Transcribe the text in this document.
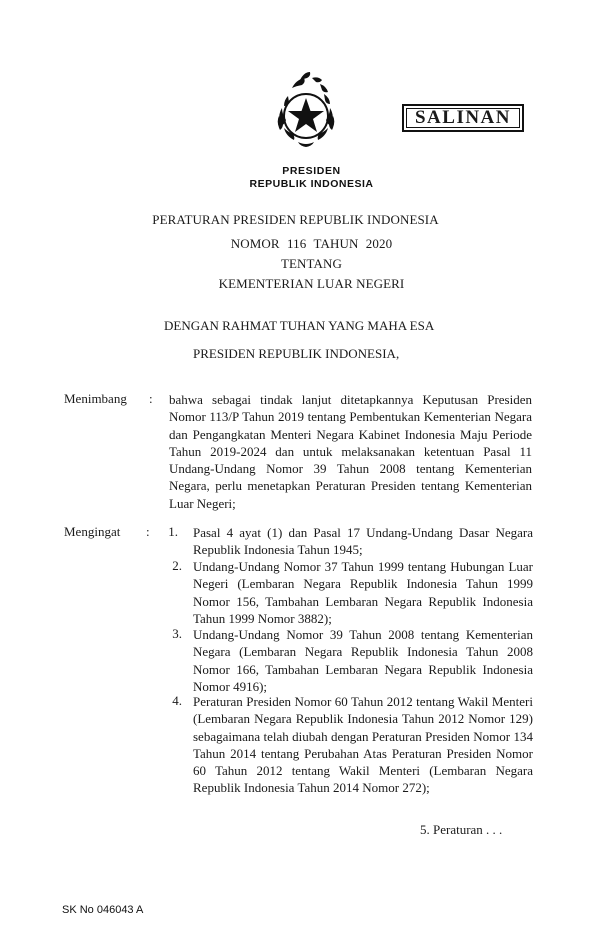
SALINAN
PRESIDEN
REPUBLIK INDONESIA
PERATURAN PRESIDEN REPUBLIK INDONESIA
NOMOR 116 TAHUN 2020
TENTANG
KEMENTERIAN LUAR NEGERI
DENGAN RAHMAT TUHAN YANG MAHA ESA
PRESIDEN REPUBLIK INDONESIA,
Menimbang : bahwa sebagai tindak lanjut ditetapkannya Keputusan Presiden Nomor 113/P Tahun 2019 tentang Pembentukan Kementerian Negara dan Pengangkatan Menteri Negara Kabinet Indonesia Maju Periode Tahun 2019-2024 dan untuk melaksanakan ketentuan Pasal 11 Undang-Undang Nomor 39 Tahun 2008 tentang Kementerian Negara, perlu menetapkan Peraturan Presiden tentang Kementerian Luar Negeri;
Mengingat :	1. Pasal 4 ayat (1) dan Pasal 17 Undang-Undang Dasar Negara Republik Indonesia Tahun 1945;
2. Undang-Undang Nomor 37 Tahun 1999 tentang Hubungan Luar Negeri (Lembaran Negara Republik Indonesia Tahun 1999 Nomor 156, Tambahan Lembaran Negara Republik Indonesia Tahun 1999 Nomor 3882);
3. Undang-Undang Nomor 39 Tahun 2008 tentang Kementerian Negara (Lembaran Negara Republik Indonesia Tahun 2008 Nomor 166, Tambahan Lembaran Negara Republik Indonesia Nomor 4916);
4. Peraturan Presiden Nomor 60 Tahun 2012 tentang Wakil Menteri (Lembaran Negara Republik Indonesia Tahun 2012 Nomor 129) sebagaimana telah diubah dengan Peraturan Presiden Nomor 134 Tahun 2014 tentang Perubahan Atas Peraturan Presiden Nomor 60 Tahun 2012 tentang Wakil Menteri (Lembaran Negara Republik Indonesia Tahun 2014 Nomor 272);
5. Peraturan . . .
SK No 046043 A
